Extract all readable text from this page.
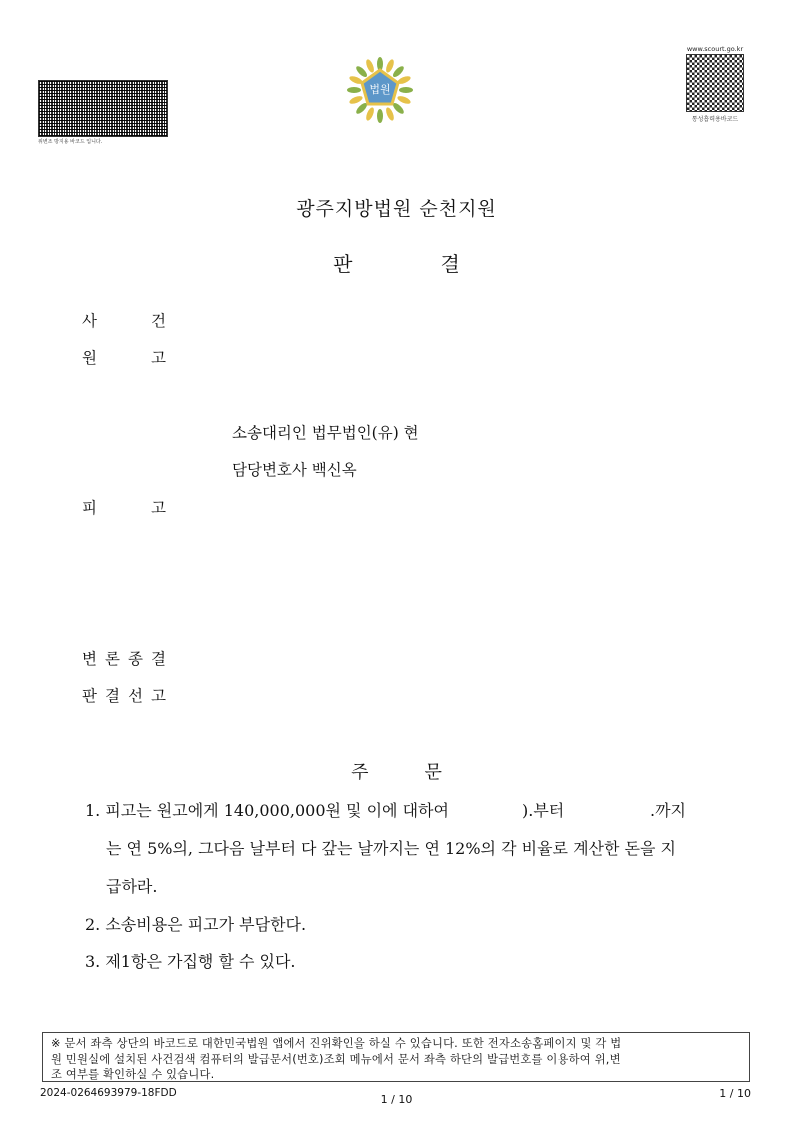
위변조 방지용 바코드 입니다.
www.scourt.go.kr
통성흡력용바코드
법원
광주지방법원 순천지원
판	결
사	건
원	고
소송대리인 법무법인(유) 현
담당변호사 백신옥
피	고
변 론 종 결
판 결 선 고
주	문
1. 피고는 원고에게 140,000,000원 및 이에 대하여	).부터	.까지
는 연 5%의, 그다음 날부터 다 갚는 날까지는 연 12%의 각 비율로 계산한 돈을 지
급하라.
2. 소송비용은 피고가 부담한다.
3. 제1항은 가집행 할 수 있다.
※ 문서 좌측 상단의 바코드로 대한민국법원 앱에서 진위확인을 하실 수 있습니다. 또한 전자소송홈페이지 및 각 법
원 민원실에 설치된 사건검색 컴퓨터의 발급문서(번호)조회 메뉴에서 문서 좌측 하단의 발급번호를 이용하여 위,변
조 여부를 확인하실 수 있습니다.
2024-0264693979-18FDD	1 / 10	1 / 10
